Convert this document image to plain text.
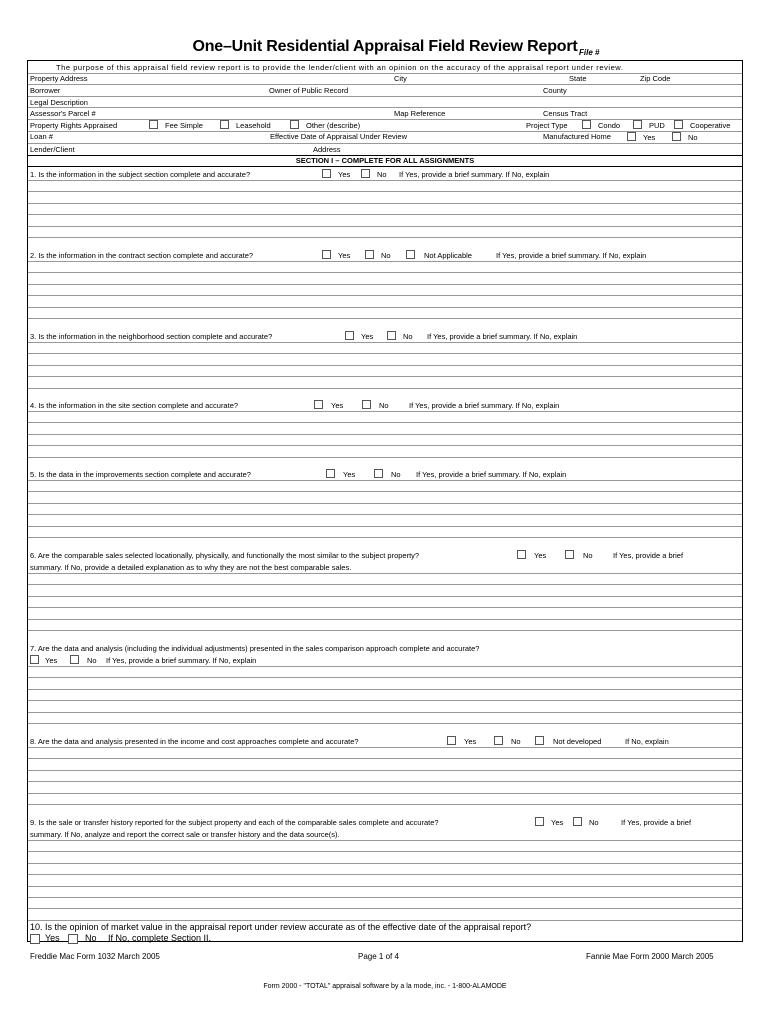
One–Unit Residential Appraisal Field Review Report File #
The purpose of this appraisal field review report is to provide the lender/client with an opinion on the accuracy of the appraisal report under review.
Property Address	City	State	Zip Code
Borrower	Owner of Public Record	County
Legal Description
Assessor's Parcel #	Map Reference	Census Tract
Property Rights Appraised	Fee Simple	Leasehold	Other (describe)	Project Type	Condo	PUD	Cooperative
Loan #	Effective Date of Appraisal Under Review	Manufactured Home	Yes	No
Lender/Client	Address
SECTION I – COMPLETE FOR ALL ASSIGNMENTS
1. Is the information in the subject section complete and accurate?	Yes	No If Yes, provide a brief summary. If No, explain
2. Is the information in the contract section complete and accurate?	Yes	No	Not Applicable	If Yes, provide a brief summary. If No, explain
3. Is the information in the neighborhood section complete and accurate?	Yes	No If Yes, provide a brief summary. If No, explain
4. Is the information in the site section complete and accurate?	Yes	No	If Yes, provide a brief summary. If No, explain
5. Is the data in the improvements section complete and accurate?	Yes	No If Yes, provide a brief summary. If No, explain
6. Are the comparable sales selected locationally, physically, and functionally the most similar to the subject property?	Yes	No	If Yes, provide a brief
summary. If No, provide a detailed explanation as to why they are not the best comparable sales.
7. Are the data and analysis (including the individual adjustments) presented in the sales comparison approach complete and accurate?
Yes	No If Yes, provide a brief summary. If No, explain
8. Are the data and analysis presented in the income and cost approaches complete and accurate?	Yes	No	Not developed	If No, explain
9. Is the sale or transfer history reported for the subject property and each of the comparable sales complete and accurate?	Yes	No	If Yes, provide a brief
summary. If No, analyze and report the correct sale or transfer history and the data source(s).
10. Is the opinion of market value in the appraisal report under review accurate as of the effective date of the appraisal report?
Yes	No If No, complete Section II.
Freddie Mac Form 1032 March 2005	Page 1 of 4	Fannie Mae Form 2000 March 2005
Form 2000 - "TOTAL" appraisal software by a la mode, inc. - 1-800-ALAMODE
